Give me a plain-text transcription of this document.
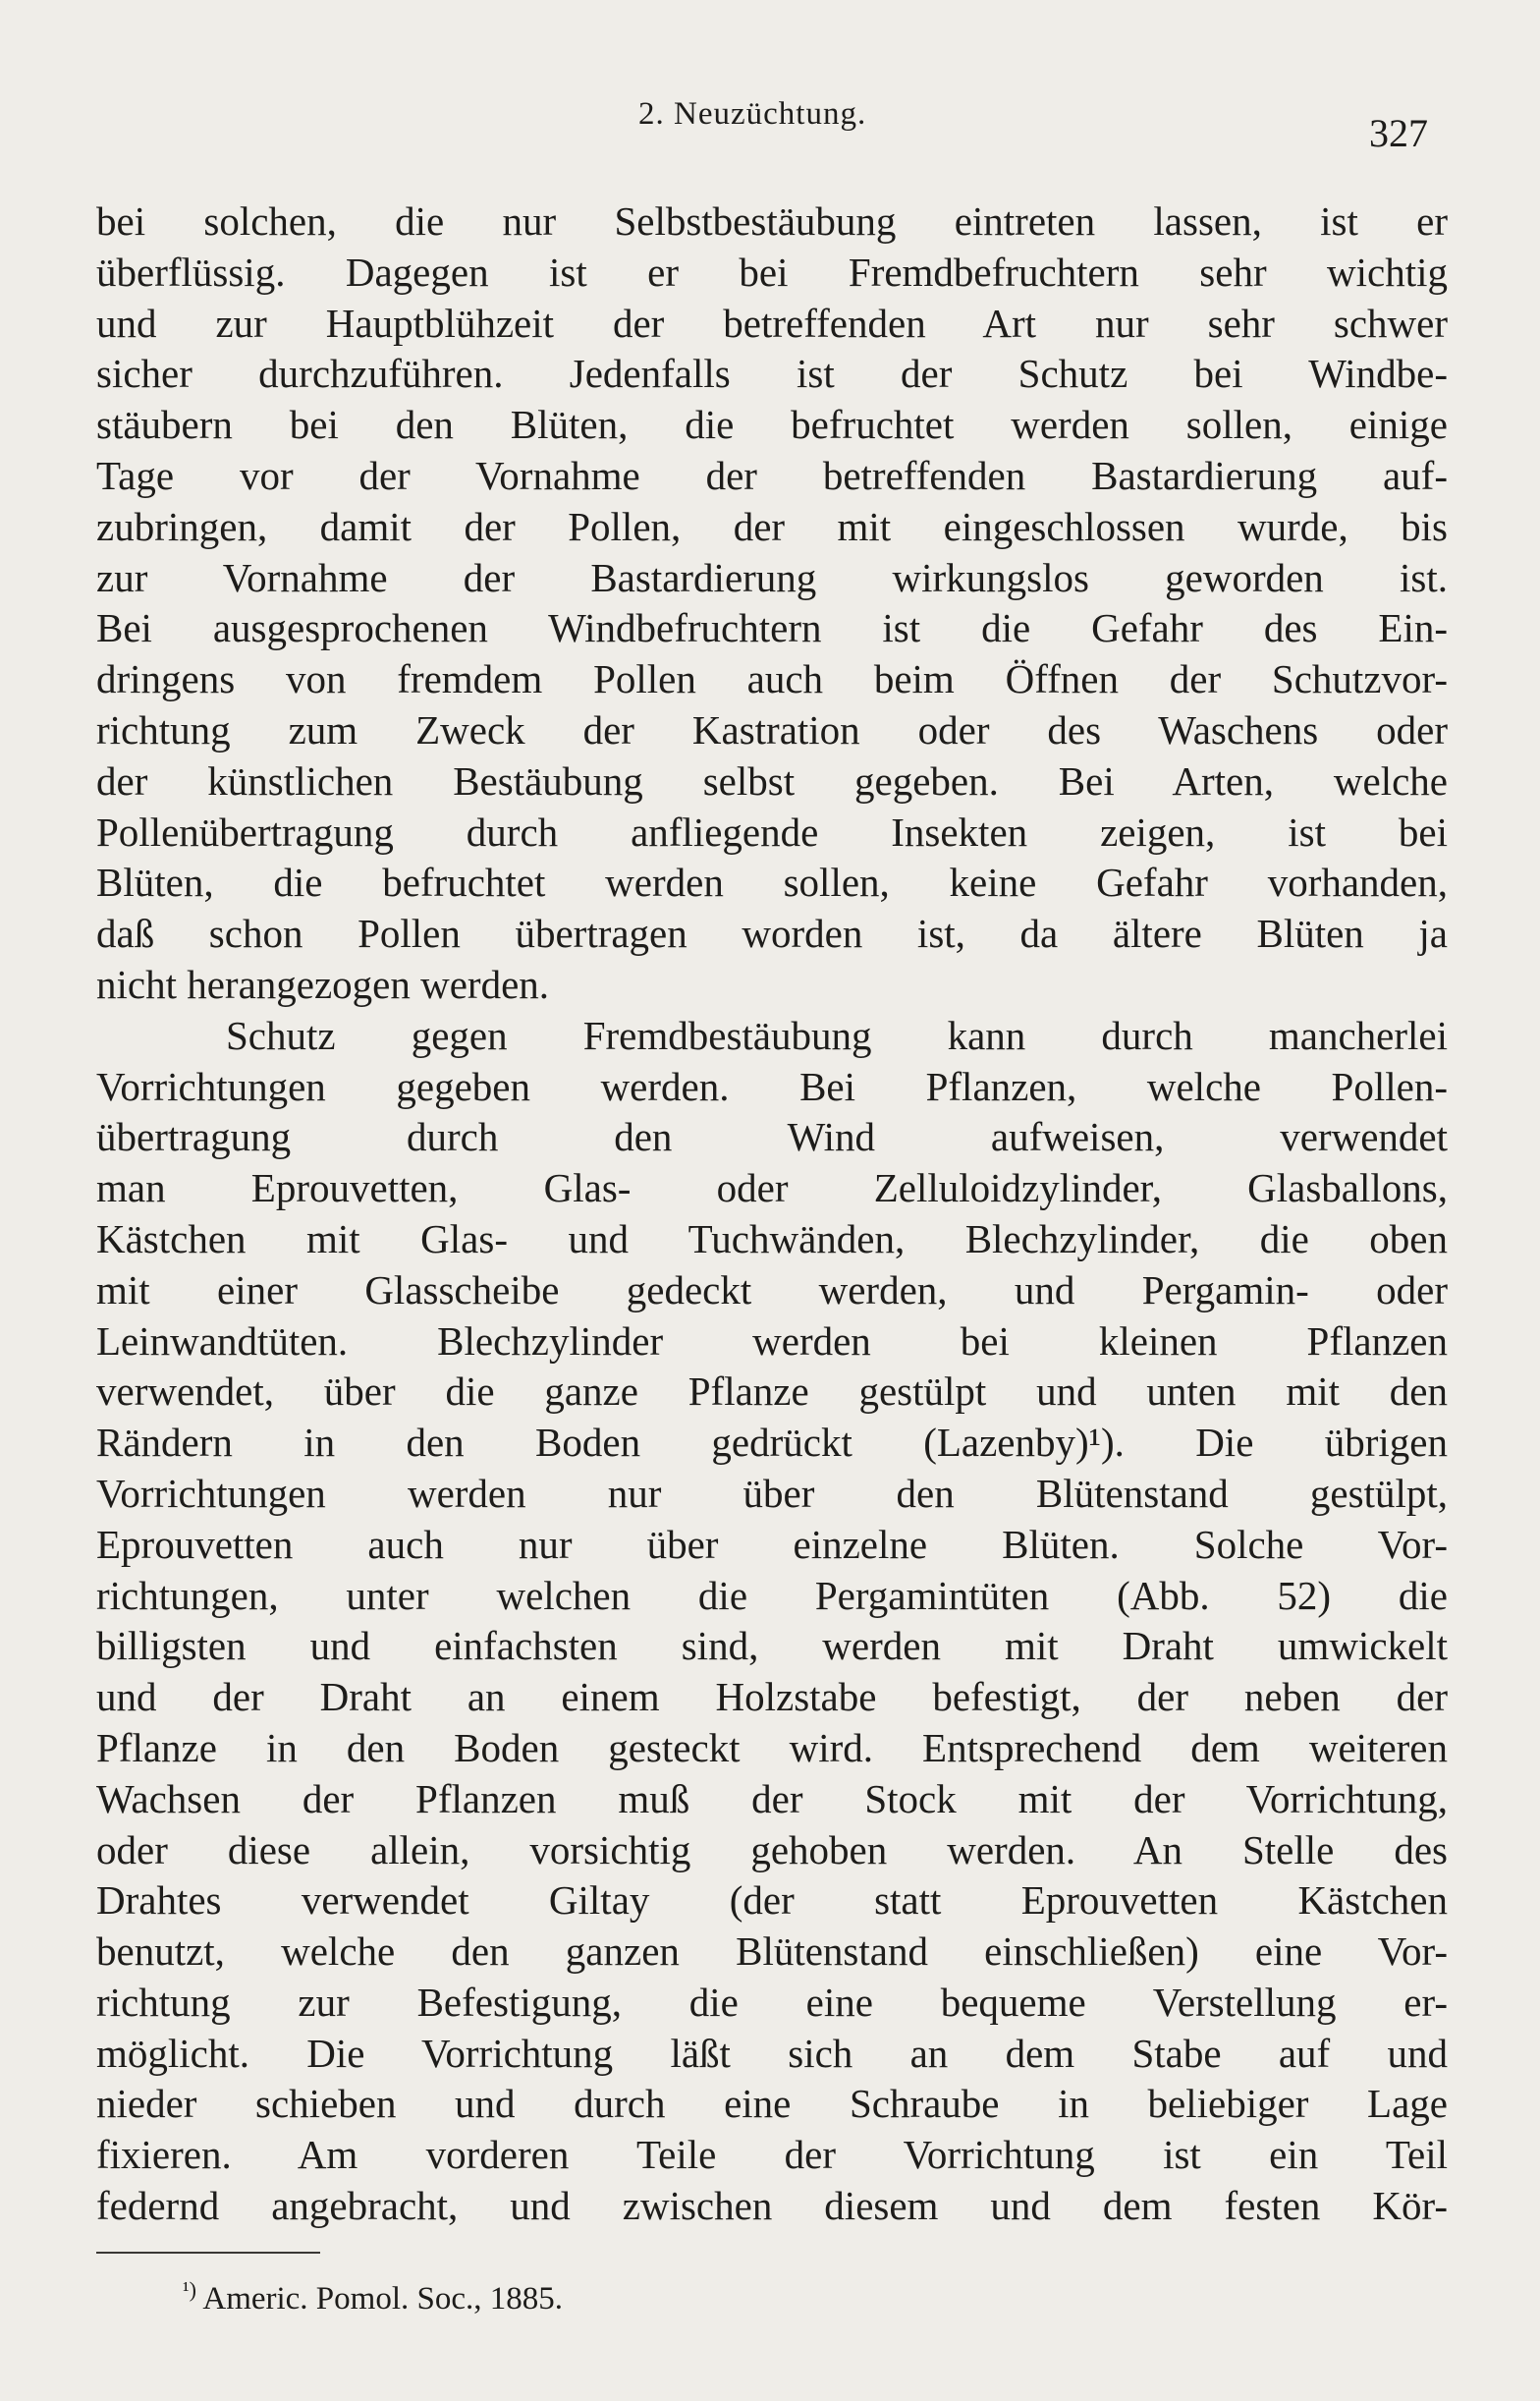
2. Neuzüchtung.	327
bei solchen, die nur Selbstbestäubung eintreten lassen, ist er
überflüssig. Dagegen ist er bei Fremdbefruchtern sehr wichtig
und zur Hauptblühzeit der betreffenden Art nur sehr schwer
sicher durchzuführen. Jedenfalls ist der Schutz bei Windbe-
stäubern bei den Blüten, die befruchtet werden sollen, einige
Tage vor der Vornahme der betreffenden Bastardierung auf-
zubringen, damit der Pollen, der mit eingeschlossen wurde, bis
zur Vornahme der Bastardierung wirkungslos geworden ist.
Bei ausgesprochenen Windbefruchtern ist die Gefahr des Ein-
dringens von fremdem Pollen auch beim Öffnen der Schutzvor-
richtung zum Zweck der Kastration oder des Waschens oder
der künstlichen Bestäubung selbst gegeben. Bei Arten, welche
Pollenübertragung durch anfliegende Insekten zeigen, ist bei
Blüten, die befruchtet werden sollen, keine Gefahr vorhanden,
daß schon Pollen übertragen worden ist, da ältere Blüten ja
nicht herangezogen werden.
Schutz gegen Fremdbestäubung kann durch mancherlei
Vorrichtungen gegeben werden. Bei Pflanzen, welche Pollen-
übertragung durch den Wind aufweisen, verwendet
man Eprouvetten, Glas- oder Zelluloidzylinder, Glasballons,
Kästchen mit Glas- und Tuchwänden, Blechzylinder, die oben
mit einer Glasscheibe gedeckt werden, und Pergamin- oder
Leinwandtüten. Blechzylinder werden bei kleinen Pflanzen
verwendet, über die ganze Pflanze gestülpt und unten mit den
Rändern in den Boden gedrückt (Lazenby)¹). Die übrigen
Vorrichtungen werden nur über den Blütenstand gestülpt,
Eprouvetten auch nur über einzelne Blüten. Solche Vor-
richtungen, unter welchen die Pergamintüten (Abb. 52) die
billigsten und einfachsten sind, werden mit Draht umwickelt
und der Draht an einem Holzstabe befestigt, der neben der
Pflanze in den Boden gesteckt wird. Entsprechend dem weiteren
Wachsen der Pflanzen muß der Stock mit der Vorrichtung,
oder diese allein, vorsichtig gehoben werden. An Stelle des
Drahtes verwendet Giltay (der statt Eprouvetten Kästchen
benutzt, welche den ganzen Blütenstand einschließen) eine Vor-
richtung zur Befestigung, die eine bequeme Verstellung er-
möglicht. Die Vorrichtung läßt sich an dem Stabe auf und
nieder schieben und durch eine Schraube in beliebiger Lage
fixieren. Am vorderen Teile der Vorrichtung ist ein Teil
federnd angebracht, und zwischen diesem und dem festen Kör-
$^{^1)}$ Americ. Pomol. Soc., 1885.
